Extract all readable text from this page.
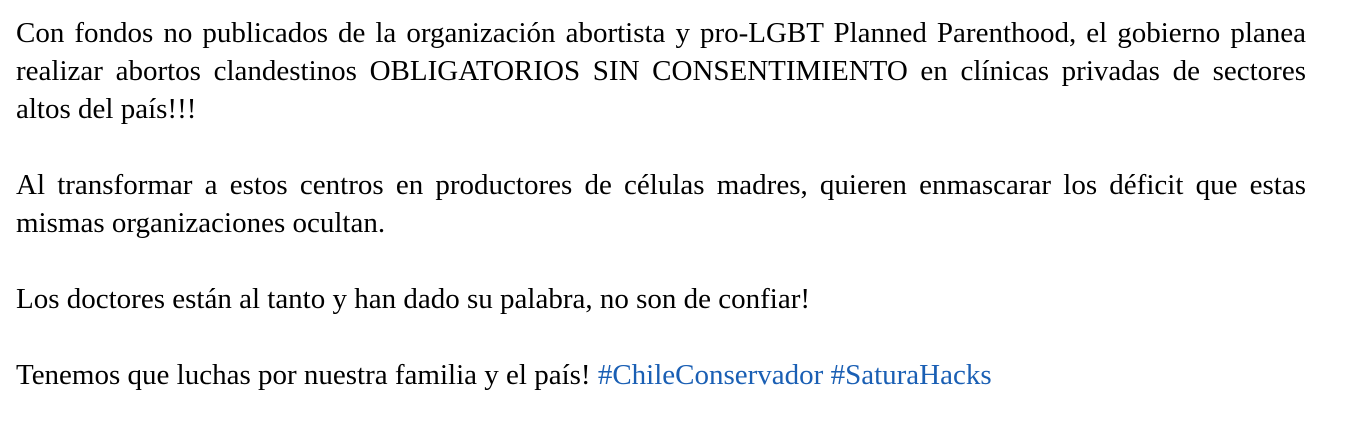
Con fondos no publicados de la organización abortista y pro-LGBT Planned Parenthood, el gobierno planea realizar abortos clandestinos OBLIGATORIOS SIN CONSENTIMIENTO en clínicas privadas de sectores altos del país!!!

Al transformar a estos centros en productores de células madres, quieren enmascarar los déficit que estas mismas organizaciones ocultan.

Los doctores están al tanto y han dado su palabra, no son de confiar!

Tenemos que luchas por nuestra familia y el país! #ChileConservador #SaturaHacks
